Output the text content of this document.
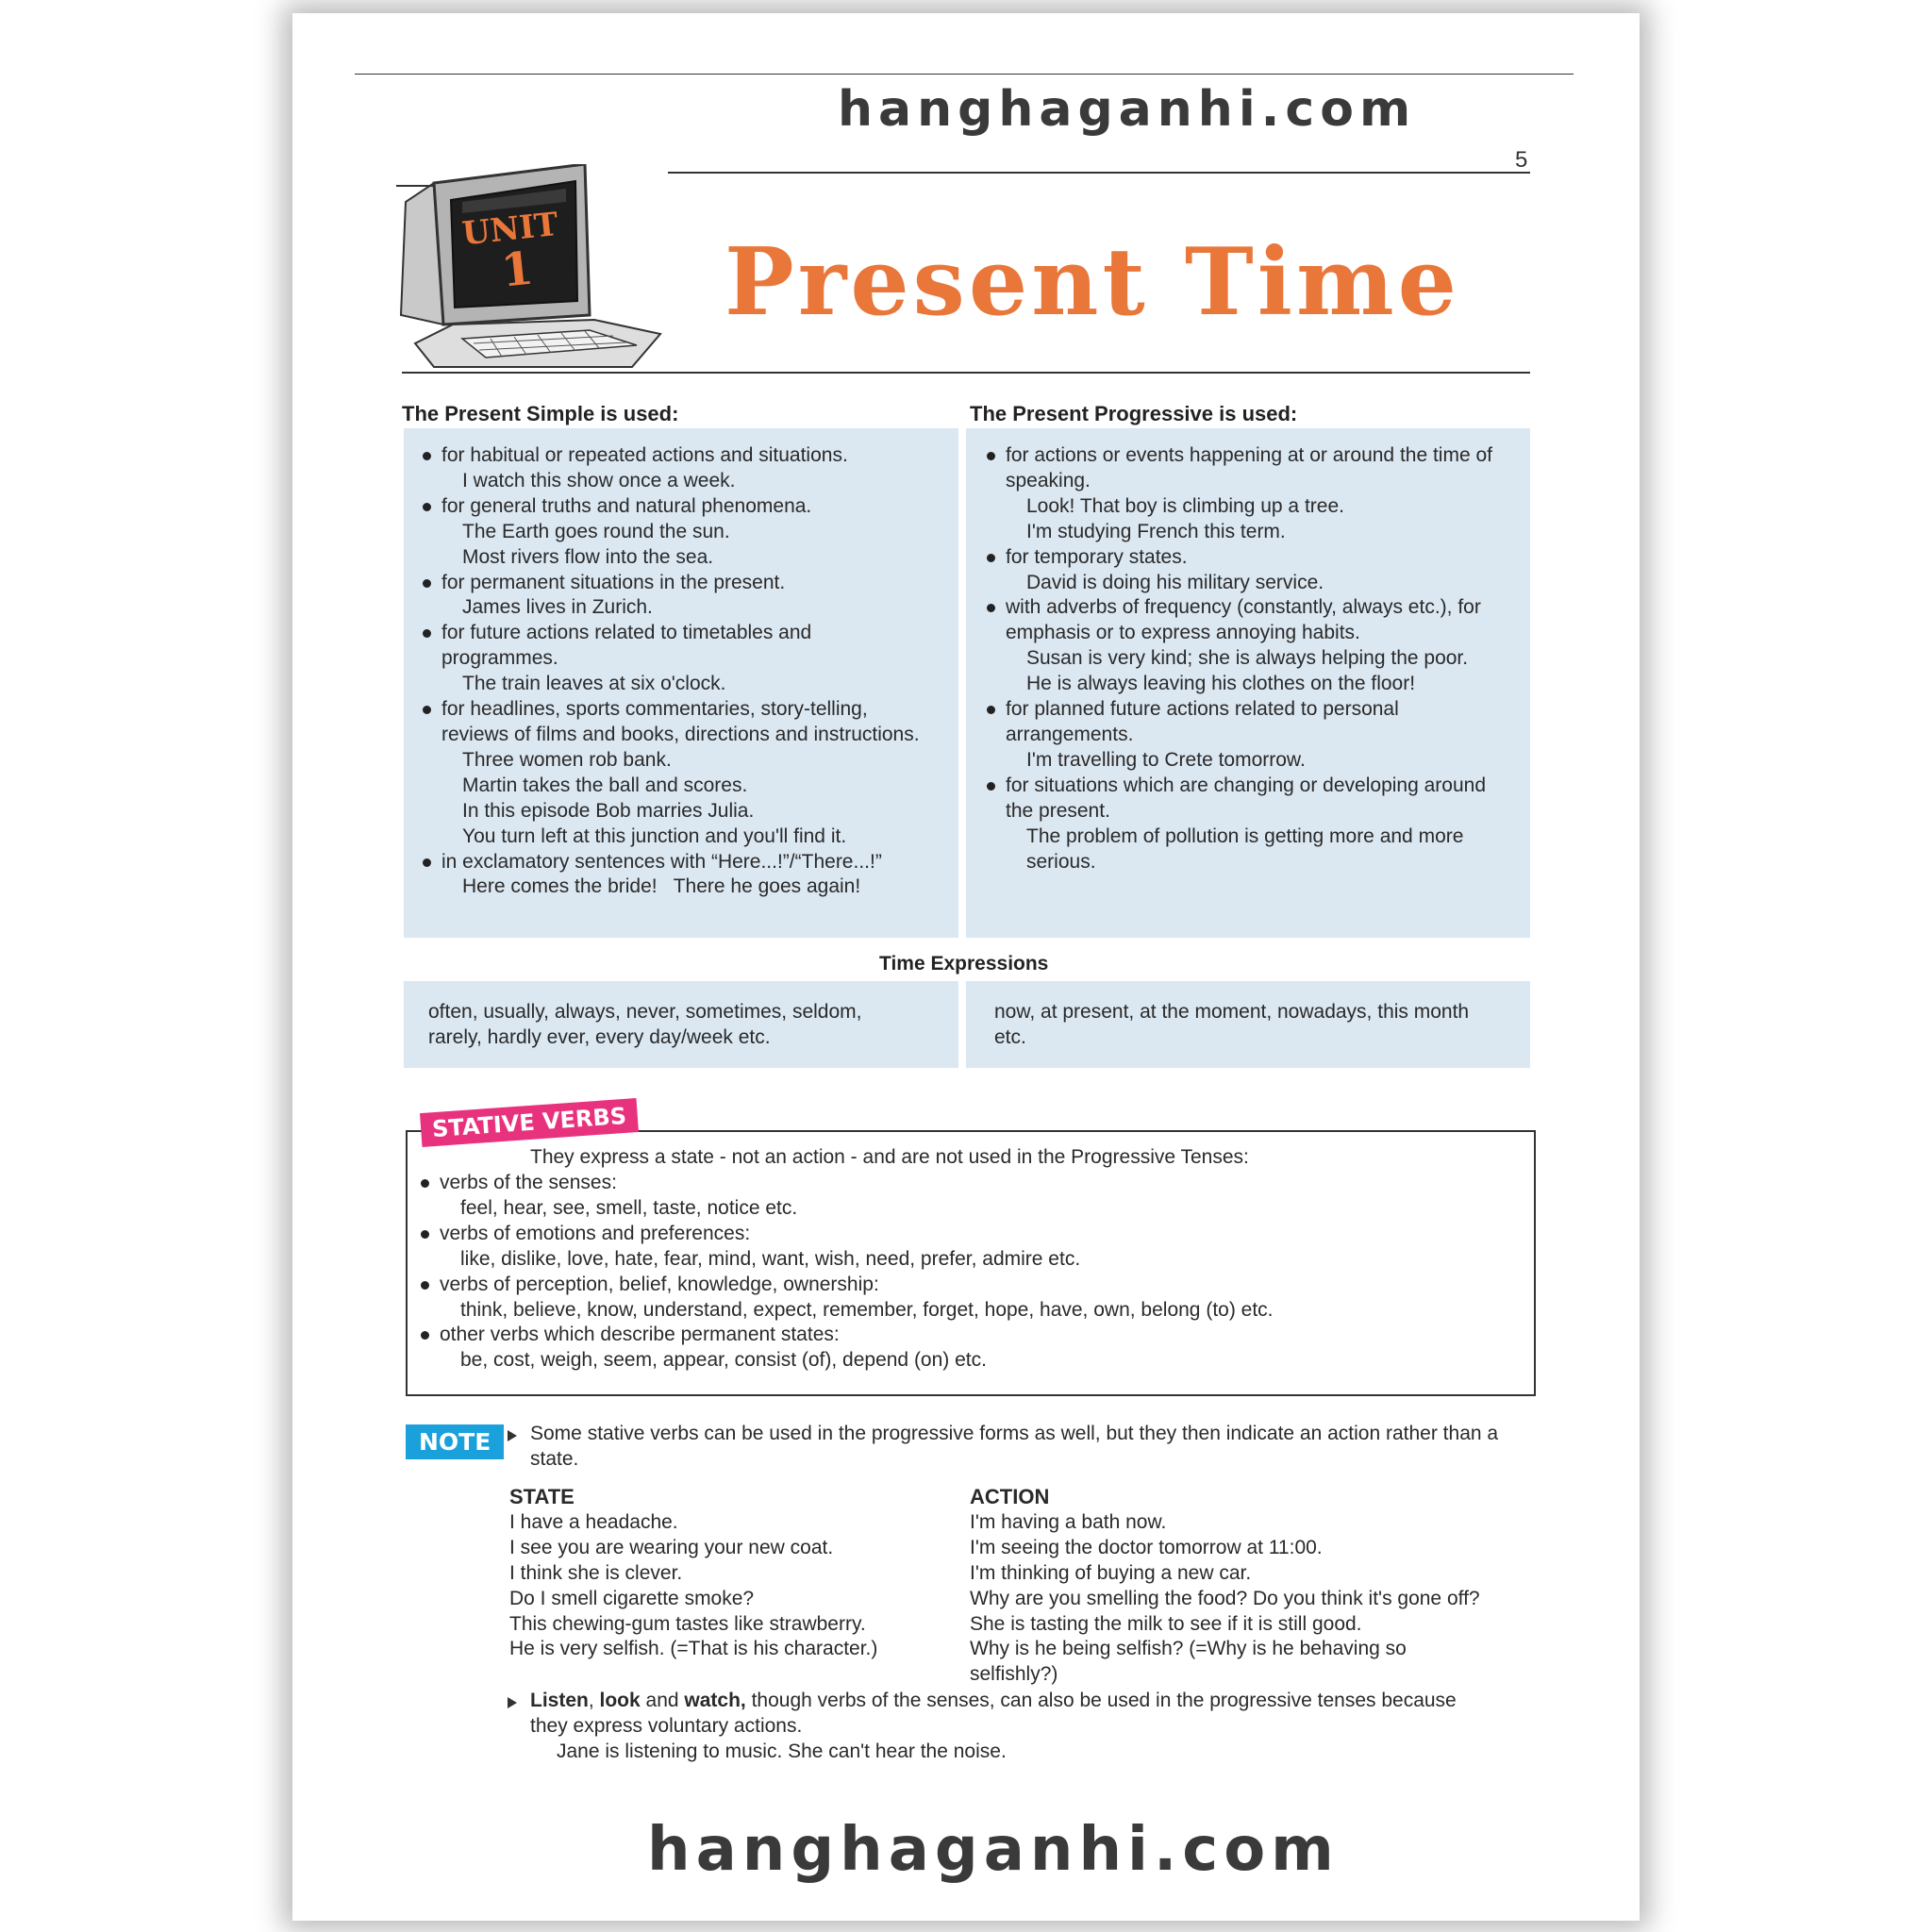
hanghaganhi.com
5
UNIT
1 Present Time
The Present Simple is used:	The Present Progressive is used:
for habitual or repeated actions and situations.
I watch this show once a week.
for general truths and natural phenomena.
The Earth goes round the sun.
Most rivers flow into the sea.
for permanent situations in the present.
James lives in Zurich.
for future actions related to timetables and programmes.
The train leaves at six o'clock.
for headlines, sports commentaries, story-telling, reviews of films and books, directions and instructions.
Three women rob bank.
Martin takes the ball and scores.
In this episode Bob marries Julia.
You turn left at this junction and you'll find it.
in exclamatory sentences with “Here...!”/“There...!”
Here comes the bride!   There he goes again!
for actions or events happening at or around the time of speaking.
Look! That boy is climbing up a tree.
I'm studying French this term.
for temporary states.
David is doing his military service.
with adverbs of frequency (constantly, always etc.), for emphasis or to express annoying habits.
Susan is very kind; she is always helping the poor.
He is always leaving his clothes on the floor!
for planned future actions related to personal arrangements.
I'm travelling to Crete tomorrow.
for situations which are changing or developing around the present.
The problem of pollution is getting more and more serious.
Time Expressions
often, usually, always, never, sometimes, seldom, rarely, hardly ever, every day/week etc.
now, at present, at the moment, nowadays, this month etc.
STATIVE VERBS
They express a state - not an action - and are not used in the Progressive Tenses:
verbs of the senses:
feel, hear, see, smell, taste, notice etc.
verbs of emotions and preferences:
like, dislike, love, hate, fear, mind, want, wish, need, prefer, admire etc.
verbs of perception, belief, knowledge, ownership:
think, believe, know, understand, expect, remember, forget, hope, have, own, belong (to) etc.
other verbs which describe permanent states:
be, cost, weigh, seem, appear, consist (of), depend (on) etc.
NOTE	Some stative verbs can be used in the progressive forms as well, but they then indicate an action rather than a state.
STATE
I have a headache.
I see you are wearing your new coat.
I think she is clever.
Do I smell cigarette smoke?
This chewing-gum tastes like strawberry.
He is very selfish. (=That is his character.)
ACTION
I'm having a bath now.
I'm seeing the doctor tomorrow at 11:00.
I'm thinking of buying a new car.
Why are you smelling the food? Do you think it's gone off?
She is tasting the milk to see if it is still good.
Why is he being selfish? (=Why is he behaving so
selfishly?)
Listen, look and watch, though verbs of the senses, can also be used in the progressive tenses because they express voluntary actions.
Jane is listening to music. She can't hear the noise.
hanghaganhi.com
